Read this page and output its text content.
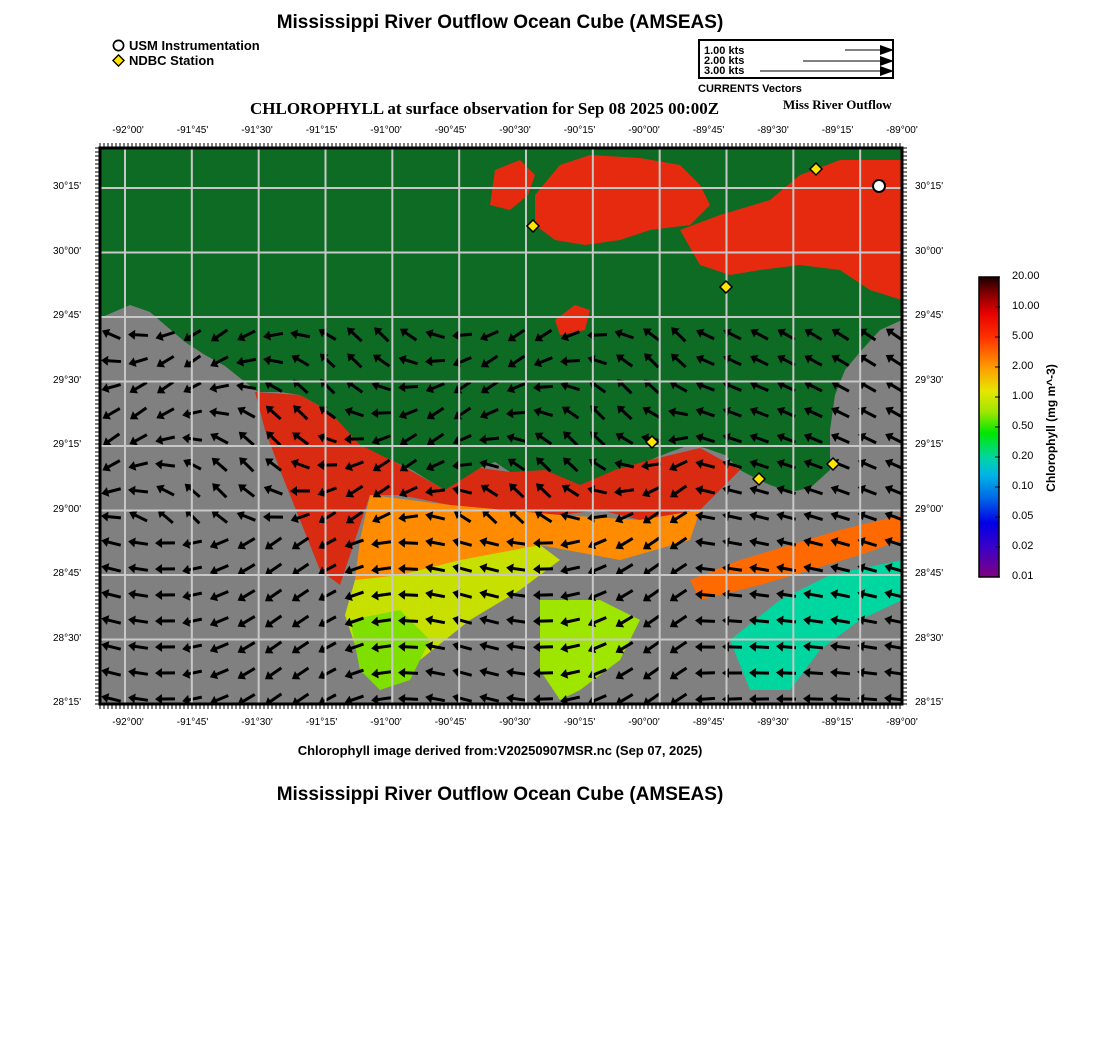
Mississippi River Outflow Ocean Cube (AMSEAS)
USM Instrumentation
NDBC Station
1.00 kts
2.00 kts
3.00 kts
CURRENTS Vectors
CHLOROPHYLL at surface observation for Sep 08 2025 00:00Z	Miss River Outflow
-92°00'	-91°45'	-91°30'	-91°15'	-91°00'	-90°45'	-90°30'	-90°15'	-90°00'	-89°45'	-89°30'	-89°15'	-89°00'
-92°00'	-91°45'	-91°30'	-91°15'	-91°00'	-90°45'	-90°30'	-90°15'	-90°00'	-89°45'	-89°30'	-89°15'	-89°00'
30°15'
30°00'
29°45'
29°30'
29°15'
29°00'
28°45'
28°30'
28°15'
30°15'
30°00'
29°45'
29°30'
29°15'
29°00'
28°45'
28°30'
28°15'
20.00
10.00
5.00
2.00
1.00
0.50
0.20
0.10
0.05
0.02
0.01
Chlorophyll (mg m^-3)
Chlorophyll image derived from:V20250907MSR.nc (Sep 07, 2025)
Mississippi River Outflow Ocean Cube (AMSEAS)
